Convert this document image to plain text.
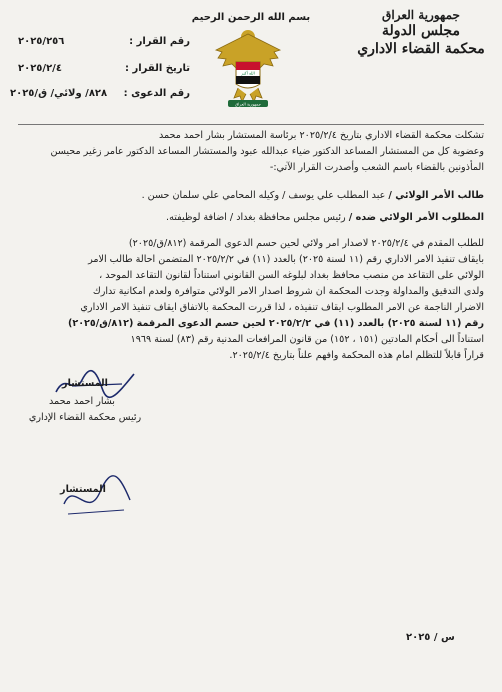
بسم الله الرحمن الرحيم	جمهورية العراق
مجلس الدولة
محكمة القضاء الاداري
الله أكبر
جمهورية العراق
رقم القرار :
٢٠٢٥/٢٥٦
تاريخ القرار :
٢٠٢٥/٢/٤
رقم الدعوى :
٨٢٨/ ولائي/ ق/٢٠٢٥
تشكلت محكمة القضاء الاداري بتاريخ ٢٠٢٥/٢/٤ برئاسة المستشار بشار احمد محمد
وعضوية كل من المستشار المساعد الدكتور ضياء عبدالله عبود والمستشار المساعد الدكتور عامر زغير محيسن
المأذونين بالقضاء باسم الشعب وأصدرت القرار الآتي:-
طالب الأمر الولائي / عبد المطلب علي يوسف / وكيله المحامي علي سلمان حسن .
المطلوب الأمر الولائي ضده / رئيس مجلس محافظة بغداد / اضافة لوظيفته.
للطلب المقدم في ٢٠٢٥/٢/٤ لاصدار امر ولائي لحين حسم الدعوى المرقمة (٨١٢/ق/٢٠٢٥)
بايقاف تنفيذ الامر الاداري رقم (١١ لسنة ٢٠٢٥) بالعدد (١١) في ٢٠٢٥/٢/٢ المتضمن احالة طالب الامر
الولائي على التقاعد من منصب محافظ بغداد لبلوغه السن القانوني استناداً لقانون التقاعد الموحد ،
ولدى التدقيق والمداولة وجدت المحكمة ان شروط اصدار الامر الولائي متوافرة ولعدم امكانية تدارك
الاضرار الناجمة عن الامر المطلوب ايقاف تنفيذه ، لذا قررت المحكمة بالاتفاق ايقاف تنفيذ الامر الاداري
رقم (١١ لسنة ٢٠٢٥) بالعدد (١١) في ٢٠٢٥/٢/٢ لحين حسم الدعوى المرقمة (٨١٢/ق/٢٠٢٥)
استناداً الى أحكام المادتين (١٥١ ، ١٥٢) من قانون المرافعات المدنية رقم (٨٣) لسنة ١٩٦٩
قراراً قابلاً للتظلم امام هذه المحكمة وافهم علناً بتاريخ ٢٠٢٥/٢/٤.
المستشار
بشار احمد محمد
رئيس محكمة القضاء الإداري
المستشار
س / ٢٠٢٥
